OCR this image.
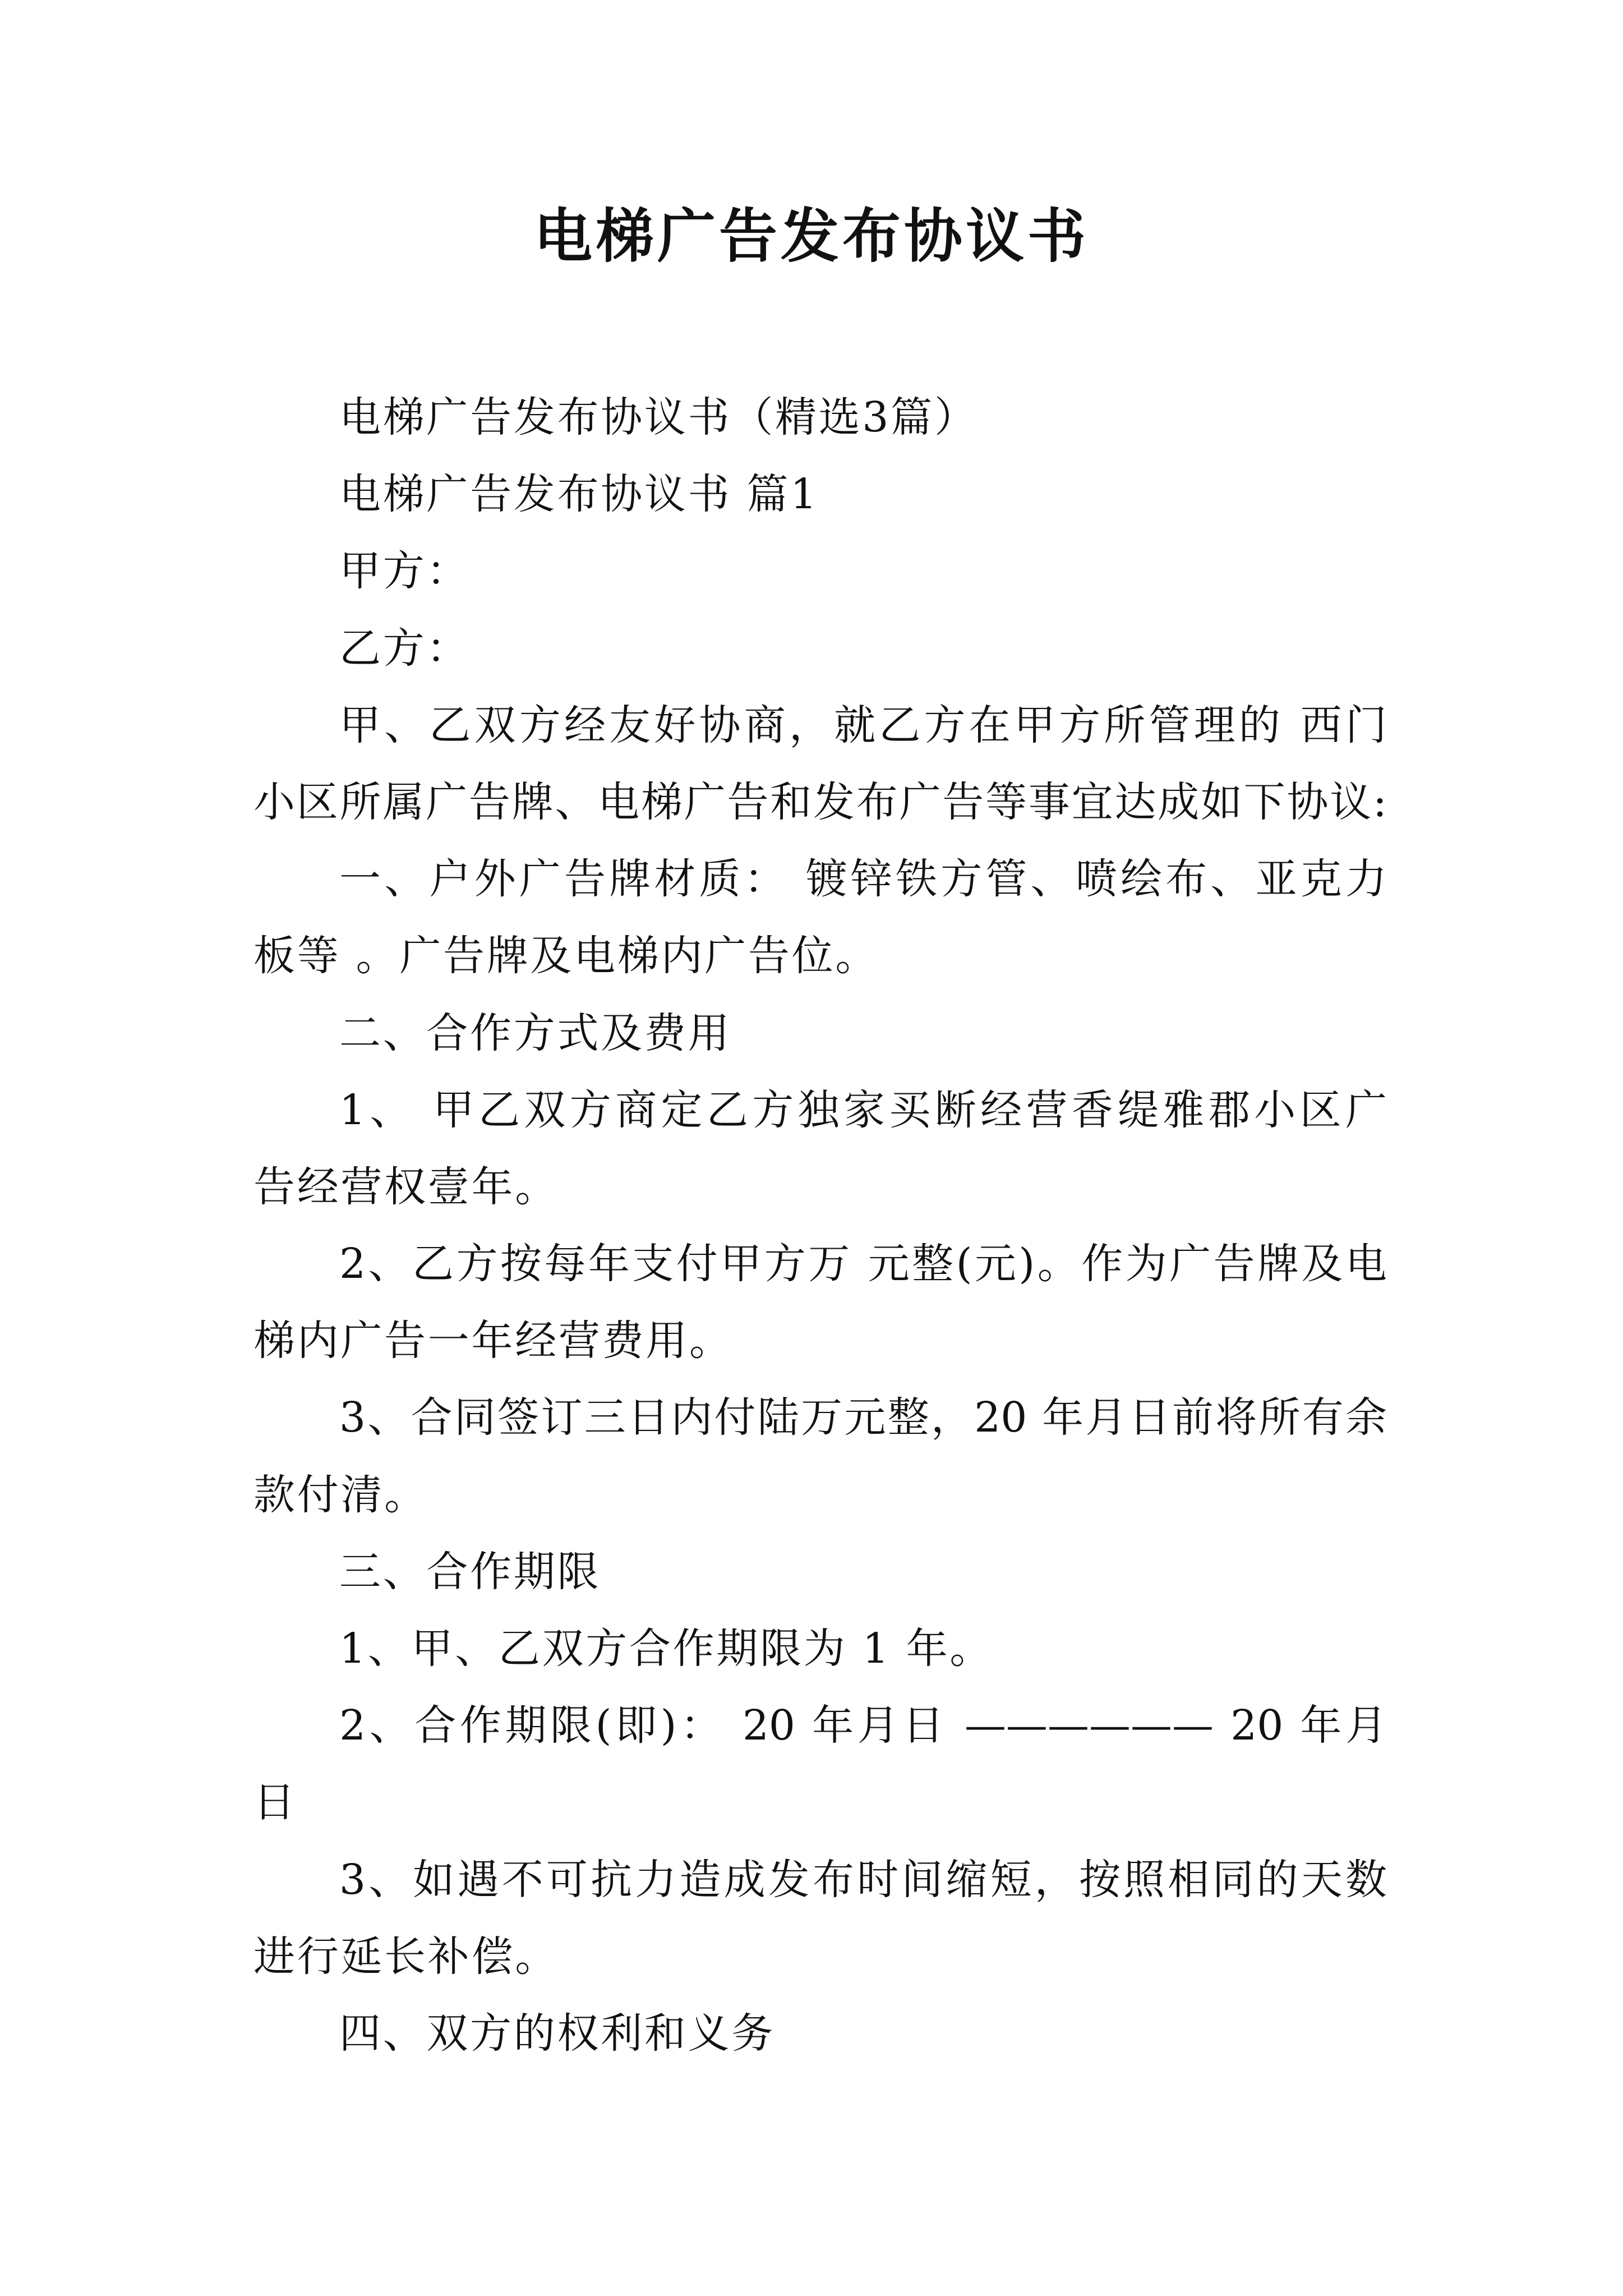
电梯广告发布协议书
电梯广告发布协议书（精选3篇）
电梯广告发布协议书 篇1
甲方：
乙方：
甲、乙双方经友好协商，就乙方在甲方所管理的 西门
小区所属广告牌、电梯广告和发布广告等事宜达成如下协议:
一、户外广告牌材质： 镀锌铁方管、喷绘布、亚克力
板等 。广告牌及电梯内广告位。
二、合作方式及费用
1、 甲乙双方商定乙方独家买断经营香缇雅郡小区广
告经营权壹年。
2、乙方按每年支付甲方万 元整(元)。作为广告牌及电
梯内广告一年经营费用。
3、合同签订三日内付陆万元整，20 年月日前将所有余
款付清。
三、合作期限
1、甲、乙双方合作期限为 1 年。
2、合作期限(即)： 20 年月日 —————— 20 年月
日
3、如遇不可抗力造成发布时间缩短，按照相同的天数
进行延长补偿。
四、双方的权利和义务
